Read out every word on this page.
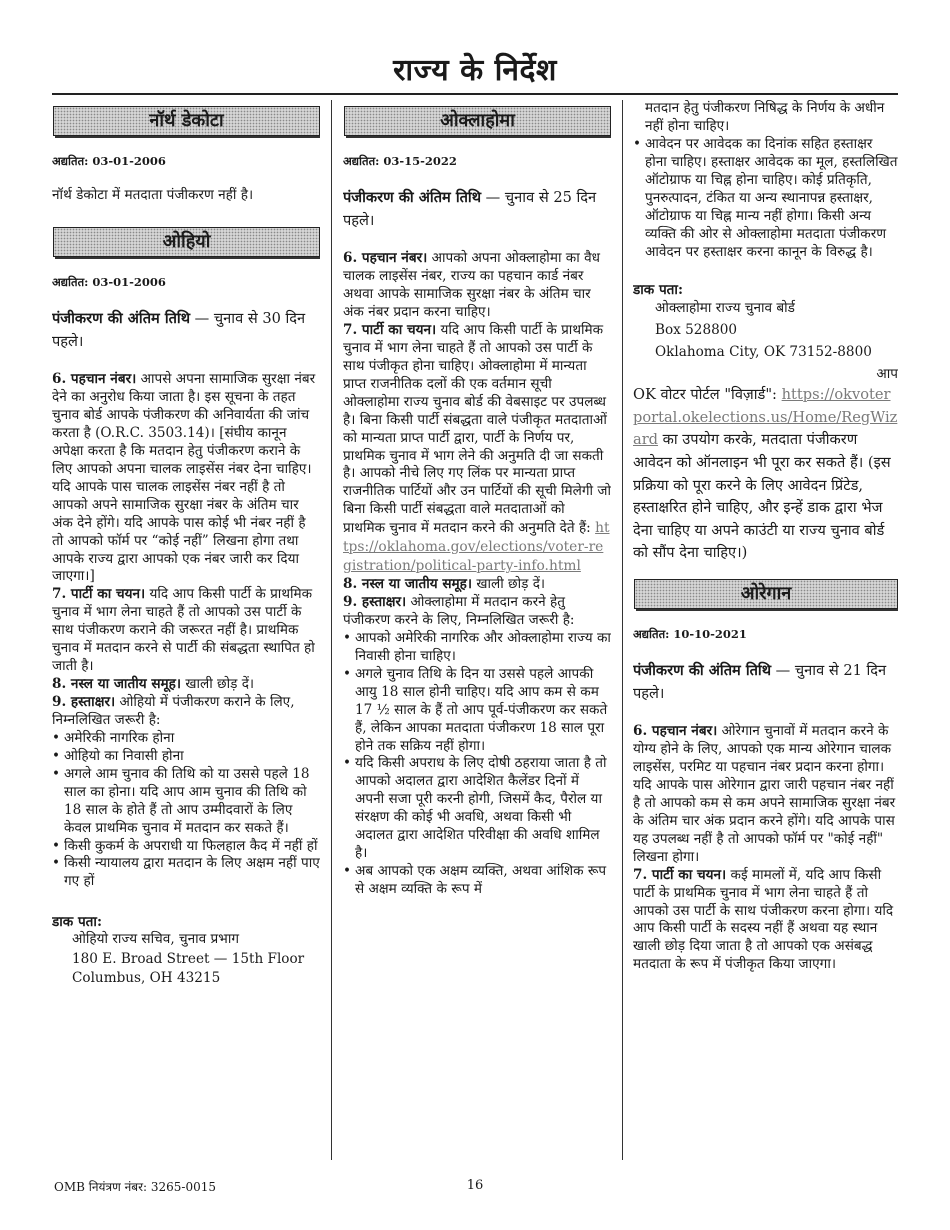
राज्य के निर्देश
नॉर्थ डेकोटा
अद्यतित: 03-01-2006

नॉर्थ डेकोटा में मतदाता पंजीकरण नहीं है।

ओहियो
अद्यतित: 03-01-2006

पंजीकरण की अंतिम तिथि — चुनाव से 30 दिन पहले।

6. पहचान नंबर। आपसे अपना सामाजिक सुरक्षा नंबर देने का अनुरोध किया जाता है। इस सूचना के तहत चुनाव बोर्ड आपके पंजीकरण की अनिवार्यता की जांच करता है (O.R.C. 3503.14)। [संघीय कानून अपेक्षा करता है कि मतदान हेतु पंजीकरण कराने के लिए आपको अपना चालक लाइसेंस नंबर देना चाहिए। यदि आपके पास चालक लाइसेंस नंबर नहीं है तो आपको अपने सामाजिक सुरक्षा नंबर के अंतिम चार अंक देने होंगे। यदि आपके पास कोई भी नंबर नहीं है तो आपको फॉर्म पर “कोई नहीं” लिखना होगा तथा आपके राज्य द्वारा आपको एक नंबर जारी कर दिया जाएगा।]

7. पार्टी का चयन। यदि आप किसी पार्टी के प्राथमिक चुनाव में भाग लेना चाहते हैं तो आपको उस पार्टी के साथ पंजीकरण कराने की जरूरत नहीं है। प्राथमिक चुनाव में मतदान करने से पार्टी की संबद्धता स्थापित हो जाती है।

8. नस्ल या जातीय समूह। खाली छोड़ दें।

9. हस्ताक्षर। ओहियो में पंजीकरण कराने के लिए, निम्नलिखित जरूरी है:

• अमेरिकी नागरिक होना
• ओहियो का निवासी होना
• अगले आम चुनाव की तिथि को या उससे पहले 18 साल का होना। यदि आप आम चुनाव की तिथि को 18 साल के होते हैं तो आप उम्मीदवारों के लिए केवल प्राथमिक चुनाव में मतदान कर सकते हैं।
• किसी कुकर्म के अपराधी या फिलहाल कैद में नहीं हों
• किसी न्यायालय द्वारा मतदान के लिए अक्षम नहीं पाए गए हों
डाक पता:
ओहियो राज्य सचिव, चुनाव प्रभाग
180 E. Broad Street — 15th Floor
Columbus, OH 43215
ओक्लाहोमा
अद्यतित: 03-15-2022

पंजीकरण की अंतिम तिथि — चुनाव से 25 दिन पहले।

6. पहचान नंबर। आपको अपना ओक्लाहोमा का वैध चालक लाइसेंस नंबर, राज्य का पहचान कार्ड नंबर अथवा आपके सामाजिक सुरक्षा नंबर के अंतिम चार अंक नंबर प्रदान करना चाहिए।

7. पार्टी का चयन। यदि आप किसी पार्टी के प्राथमिक चुनाव में भाग लेना चाहते हैं तो आपको उस पार्टी के साथ पंजीकृत होना चाहिए। ओक्लाहोमा में मान्यता प्राप्त राजनीतिक दलों की एक वर्तमान सूची ओक्लाहोमा राज्य चुनाव बोर्ड की वेबसाइट पर उपलब्ध है। बिना किसी पार्टी संबद्धता वाले पंजीकृत मतदाताओं को मान्यता प्राप्त पार्टी द्वारा, पार्टी के निर्णय पर, प्राथमिक चुनाव में भाग लेने की अनुमति दी जा सकती है। आपको नीचे लिए गए लिंक पर मान्यता प्राप्त राजनीतिक पार्टियों और उन पार्टियों की सूची मिलेगी जो बिना किसी पार्टी संबद्धता वाले मतदाताओं को प्राथमिक चुनाव में मतदान करने की अनुमति देते हैं: https://oklahoma.gov/elections/voter-registration/political-party-info.html

8. नस्ल या जातीय समूह। खाली छोड़ दें।

9. हस्ताक्षर। ओक्लाहोमा में मतदान करने हेतु पंजीकरण करने के लिए, निम्नलिखित जरूरी है:

• आपको अमेरिकी नागरिक और ओक्लाहोमा राज्य का निवासी होना चाहिए।
• अगले चुनाव तिथि के दिन या उससे पहले आपकी आयु 18 साल होनी चाहिए। यदि आप कम से कम 17 ½ साल के हैं तो आप पूर्व-पंजीकरण कर सकते हैं, लेकिन आपका मतदाता पंजीकरण 18 साल पूरा होने तक सक्रिय नहीं होगा।
• यदि किसी अपराध के लिए दोषी ठहराया जाता है तो आपको अदालत द्वारा आदेशित कैलेंडर दिनों में अपनी सजा पूरी करनी होगी, जिसमें कैद, पैरोल या संरक्षण की कोई भी अवधि, अथवा किसी भी अदालत द्वारा आदेशित परिवीक्षा की अवधि शामिल है।
• अब आपको एक अक्षम व्यक्ति, अथवा आंशिक रूप से अक्षम व्यक्ति के रूप में

मतदान हेतु पंजीकरण निषिद्ध के निर्णय के अधीन नहीं होना चाहिए।

• आवेदन पर आवेदक का दिनांक सहित हस्ताक्षर होना चाहिए। हस्ताक्षर आवेदक का मूल, हस्तलिखित ऑटोग्राफ या चिह्न होना चाहिए। कोई प्रतिकृति, पुनरुत्पादन, टंकित या अन्य स्थानापन्न हस्ताक्षर, ऑटोग्राफ या चिह्न मान्य नहीं होगा। किसी अन्य व्यक्ति की ओर से ओक्लाहोमा मतदाता पंजीकरण आवेदन पर हस्ताक्षर करना कानून के विरुद्ध है।
डाक पता:
ओक्लाहोमा राज्य चुनाव बोर्ड
Box 528800
Oklahoma City, OK 73152-8800
आप

OK वोटर पोर्टल "विज़ार्ड": https://okvoterportal.okelections.us/Home/RegWizard का उपयोग करके, मतदाता पंजीकरण आवेदन को ऑनलाइन भी पूरा कर सकते हैं। (इस प्रक्रिया को पूरा करने के लिए आवेदन प्रिंटेड, हस्ताक्षरित होने चाहिए, और इन्हें डाक द्वारा भेज देना चाहिए या अपने काउंटी या राज्य चुनाव बोर्ड को सौंप देना चाहिए।)

ओरेगान
अद्यतित: 10-10-2021

पंजीकरण की अंतिम तिथि — चुनाव से 21 दिन पहले।

6. पहचान नंबर। ओरेगान चुनावों में मतदान करने के योग्य होने के लिए, आपको एक मान्य ओरेगान चालक लाइसेंस, परमिट या पहचान नंबर प्रदान करना होगा। यदि आपके पास ओरेगान द्वारा जारी पहचान नंबर नहीं है तो आपको कम से कम अपने सामाजिक सुरक्षा नंबर के अंतिम चार अंक प्रदान करने होंगे। यदि आपके पास यह उपलब्ध नहीं है तो आपको फॉर्म पर "कोई नहीं" लिखना होगा।

7. पार्टी का चयन। कई मामलों में, यदि आप किसी पार्टी के प्राथमिक चुनाव में भाग लेना चाहते हैं तो आपको उस पार्टी के साथ पंजीकरण करना होगा। यदि आप किसी पार्टी के सदस्य नहीं हैं अथवा यह स्थान खाली छोड़ दिया जाता है तो आपको एक असंबद्ध मतदाता के रूप में पंजीकृत किया जाएगा।

OMB नियंत्रण नंबर: 3265-0015	16
